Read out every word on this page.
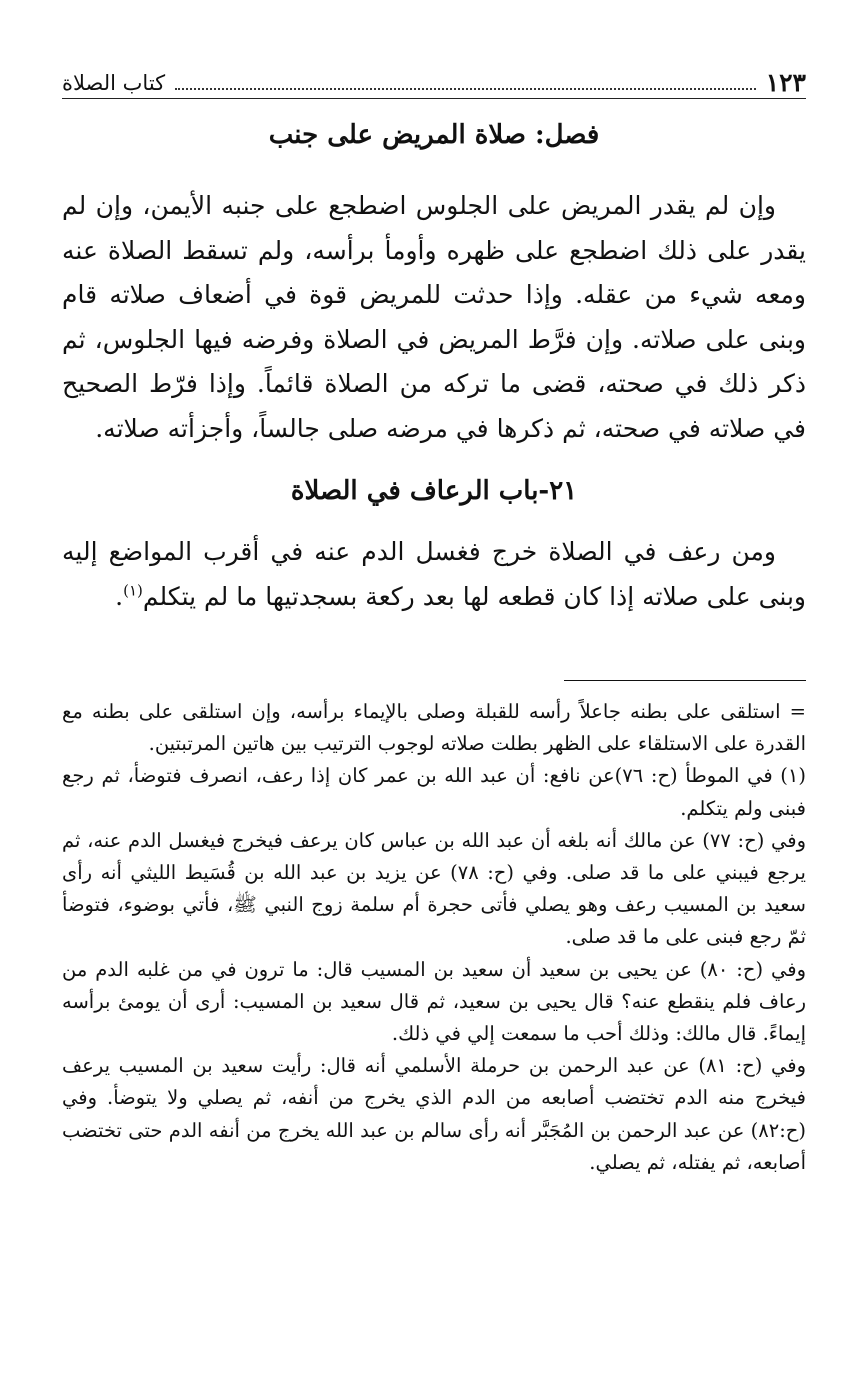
١٢٣
كتاب الصلاة
فصل: صلاة المريض على جنب

وإن لم يقدر المريض على الجلوس اضطجع على جنبه الأيمن، وإن لم يقدر على ذلك اضطجع على ظهره وأومأ برأسه، ولم تسقط الصلاة عنه ومعه شيء من عقله. وإذا حدثت للمريض قوة في أضعاف صلاته قام وبنى على صلاته. وإن فرَّط المريض في الصلاة وفرضه فيها الجلوس، ثم ذكر ذلك في صحته، قضى ما تركه من الصلاة قائماً. وإذا فرّط الصحيح في صلاته في صحته، ثم ذكرها في مرضه صلى جالساً، وأجزأته صلاته.

٢١-باب الرعاف في الصلاة

ومن رعف في الصلاة خرج فغسل الدم عنه في أقرب المواضع إليه وبنى على صلاته إذا كان قطعه لها بعد ركعة بسجدتيها ما لم يتكلم$^{(١)}$.

= استلقى على بطنه جاعلاً رأسه للقبلة وصلى بالإيماء برأسه، وإن استلقى على بطنه مع القدرة على الاستلقاء على الظهر بطلت صلاته لوجوب الترتيب بين هاتين المرتبتين.

(١) في الموطأ (ح: ٧٦)عن نافع: أن عبد الله بن عمر كان إذا رعف، انصرف فتوضأ، ثم رجع فبنى ولم يتكلم.

وفي (ح: ٧٧) عن مالك أنه بلغه أن عبد الله بن عباس كان يرعف فيخرج فيغسل الدم عنه، ثم يرجع فيبني على ما قد صلى. وفي (ح: ٧٨) عن يزيد بن عبد الله بن قُسَيط الليثي أنه رأى سعيد بن المسيب رعف وهو يصلي فأتى حجرة أم سلمة زوج النبي ﷺ، فأتي بوضوء، فتوضأ ثمّ رجع فبنى على ما قد صلى.

وفي (ح: ٨٠) عن يحيى بن سعيد أن سعيد بن المسيب قال: ما ترون في من غلبه الدم من رعاف فلم ينقطع عنه؟ قال يحيى بن سعيد، ثم قال سعيد بن المسيب: أرى أن يومئ برأسه إيماءً. قال مالك: وذلك أحب ما سمعت إلي في ذلك.

وفي (ح: ٨١) عن عبد الرحمن بن حرملة الأسلمي أنه قال: رأيت سعيد بن المسيب يرعف فيخرج منه الدم تختضب أصابعه من الدم الذي يخرج من أنفه، ثم يصلي ولا يتوضأ. وفي (ح:٨٢) عن عبد الرحمن بن المُجَبَّر أنه رأى سالم بن عبد الله يخرج من أنفه الدم حتى تختضب أصابعه، ثم يفتله، ثم يصلي.
